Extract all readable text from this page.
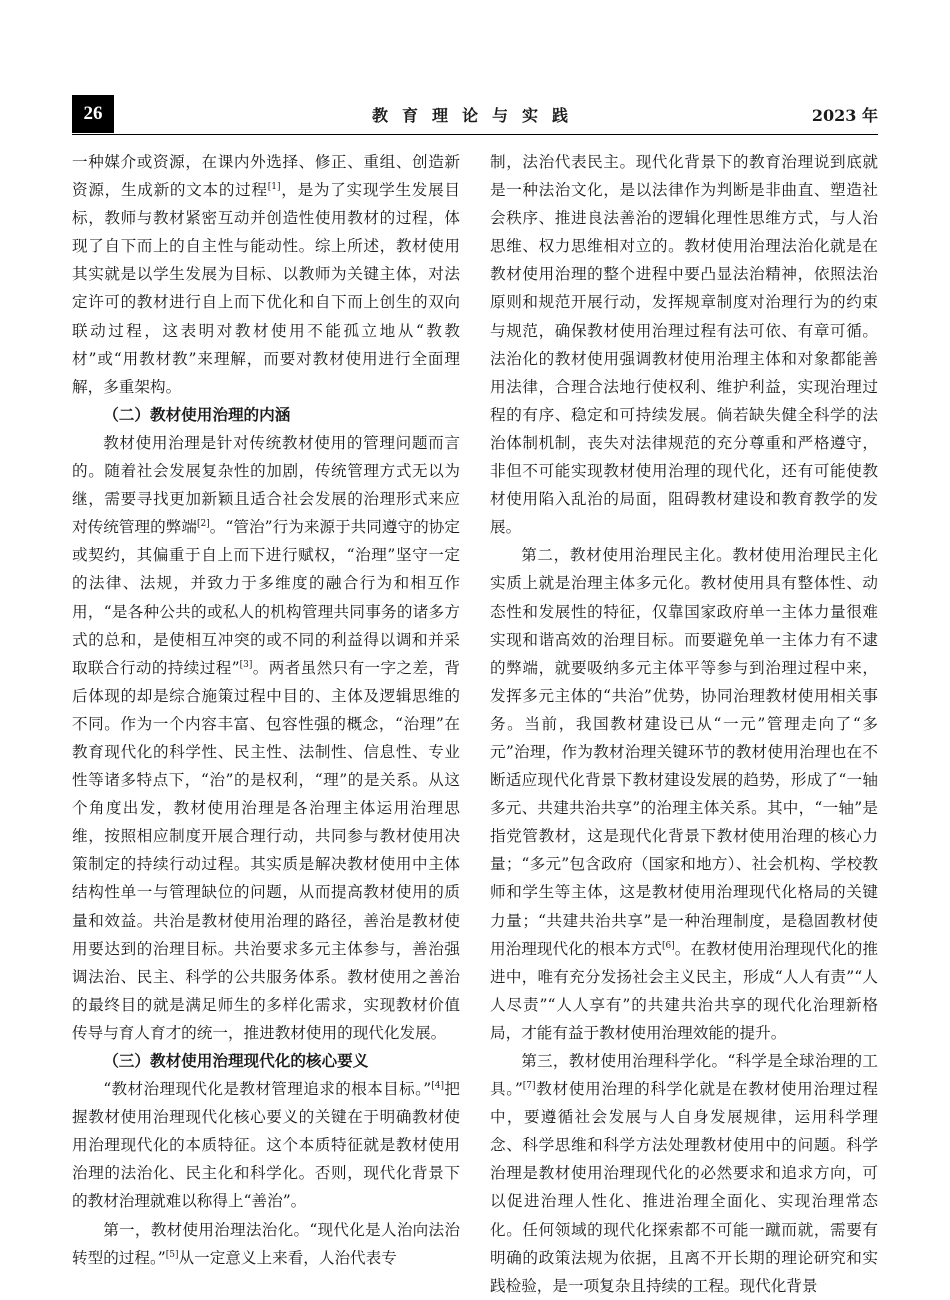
26	教育理论与实践	2023 年

一种媒介或资源，在课内外选择、修正、重组、创造新资源，生成新的文本的过程[1]，是为了实现学生发展目标，教师与教材紧密互动并创造性使用教材的过程，体现了自下而上的自主性与能动性。综上所述，教材使用其实就是以学生发展为目标、以教师为关键主体，对法定许可的教材进行自上而下优化和自下而上创生的双向联动过程，这表明对教材使用不能孤立地从“教教材”或“用教材教”来理解，而要对教材使用进行全面理解，多重架构。

（二）教材使用治理的内涵

教材使用治理是针对传统教材使用的管理问题而言的。随着社会发展复杂性的加剧，传统管理方式无以为继，需要寻找更加新颖且适合社会发展的治理形式来应对传统管理的弊端[2]。“管治”行为来源于共同遵守的协定或契约，其偏重于自上而下进行赋权，“治理”坚守一定的法律、法规，并致力于多维度的融合行为和相互作用，“是各种公共的或私人的机构管理共同事务的诸多方式的总和，是使相互冲突的或不同的利益得以调和并采取联合行动的持续过程”[3]。两者虽然只有一字之差，背后体现的却是综合施策过程中目的、主体及逻辑思维的不同。作为一个内容丰富、包容性强的概念，“治理”在教育现代化的科学性、民主性、法制性、信息性、专业性等诸多特点下，“治”的是权利，“理”的是关系。从这个角度出发，教材使用治理是各治理主体运用治理思维，按照相应制度开展合理行动，共同参与教材使用决策制定的持续行动过程。其实质是解决教材使用中主体结构性单一与管理缺位的问题，从而提高教材使用的质量和效益。共治是教材使用治理的路径，善治是教材使用要达到的治理目标。共治要求多元主体参与，善治强调法治、民主、科学的公共服务体系。教材使用之善治的最终目的就是满足师生的多样化需求，实现教材价值传导与育人育才的统一，推进教材使用的现代化发展。

（三）教材使用治理现代化的核心要义

“教材治理现代化是教材管理追求的根本目标。”[4]把握教材使用治理现代化核心要义的关键在于明确教材使用治理现代化的本质特征。这个本质特征就是教材使用治理的法治化、民主化和科学化。否则，现代化背景下的教材治理就难以称得上“善治”。

第一，教材使用治理法治化。“现代化是人治向法治转型的过程。”[5]从一定意义上来看，人治代表专

制，法治代表民主。现代化背景下的教育治理说到底就是一种法治文化，是以法律作为判断是非曲直、塑造社会秩序、推进良法善治的逻辑化理性思维方式，与人治思维、权力思维相对立的。教材使用治理法治化就是在教材使用治理的整个进程中要凸显法治精神，依照法治原则和规范开展行动，发挥规章制度对治理行为的约束与规范，确保教材使用治理过程有法可依、有章可循。法治化的教材使用强调教材使用治理主体和对象都能善用法律，合理合法地行使权利、维护利益，实现治理过程的有序、稳定和可持续发展。倘若缺失健全科学的法治体制机制，丧失对法律规范的充分尊重和严格遵守，非但不可能实现教材使用治理的现代化，还有可能使教材使用陷入乱治的局面，阻碍教材建设和教育教学的发展。

第二，教材使用治理民主化。教材使用治理民主化实质上就是治理主体多元化。教材使用具有整体性、动态性和发展性的特征，仅靠国家政府单一主体力量很难实现和谐高效的治理目标。而要避免单一主体力有不逮的弊端，就要吸纳多元主体平等参与到治理过程中来，发挥多元主体的“共治”优势，协同治理教材使用相关事务。当前，我国教材建设已从“一元”管理走向了“多元”治理，作为教材治理关键环节的教材使用治理也在不断适应现代化背景下教材建设发展的趋势，形成了“一轴多元、共建共治共享”的治理主体关系。其中，“一轴”是指党管教材，这是现代化背景下教材使用治理的核心力量；“多元”包含政府（国家和地方）、社会机构、学校教师和学生等主体，这是教材使用治理现代化格局的关键力量；“共建共治共享”是一种治理制度，是稳固教材使用治理现代化的根本方式[6]。在教材使用治理现代化的推进中，唯有充分发扬社会主义民主，形成“人人有责”“人人尽责”“人人享有”的共建共治共享的现代化治理新格局，才能有益于教材使用治理效能的提升。

第三，教材使用治理科学化。“科学是全球治理的工具。”[7]教材使用治理的科学化就是在教材使用治理过程中，要遵循社会发展与人自身发展规律，运用科学理念、科学思维和科学方法处理教材使用中的问题。科学治理是教材使用治理现代化的必然要求和追求方向，可以促进治理人性化、推进治理全面化、实现治理常态化。任何领域的现代化探索都不可能一蹴而就，需要有明确的政策法规为依据，且离不开长期的理论研究和实践检验，是一项复杂且持续的工程。现代化背景
